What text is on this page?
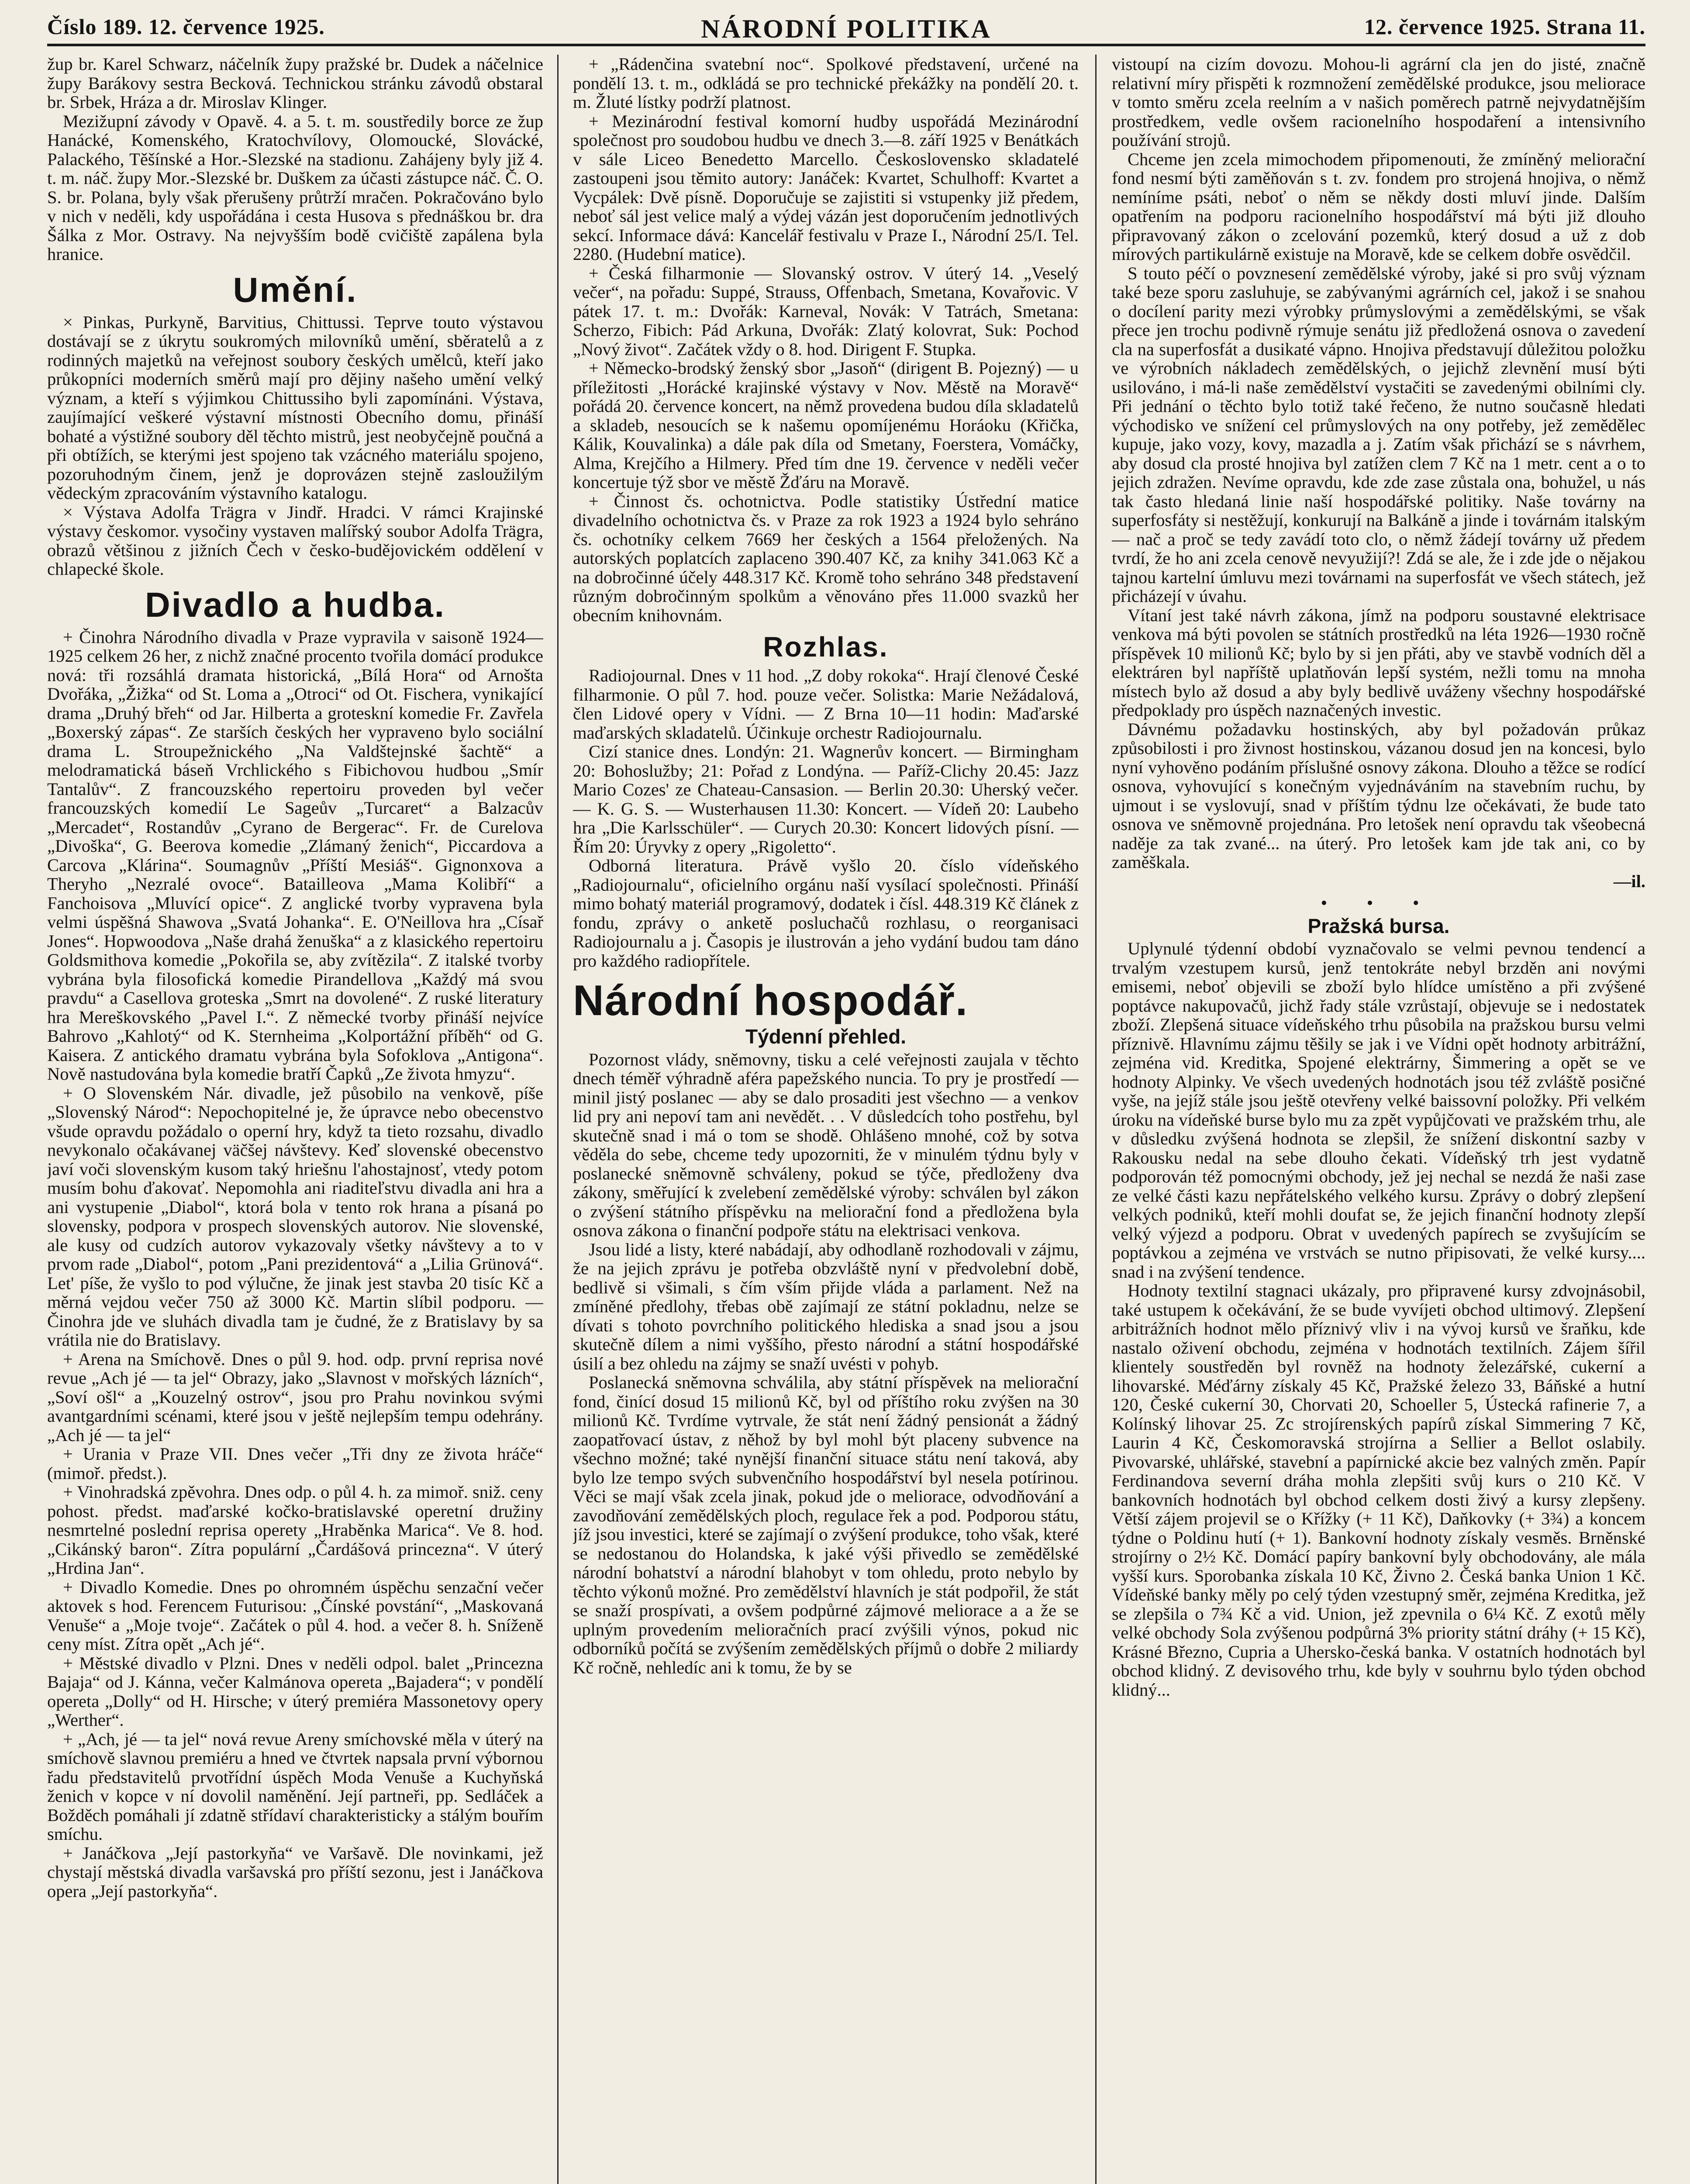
Číslo 189. 12. července 1925.	NÁRODNÍ POLITIKA	12. července 1925. Strana 11.

žup br. Karel Schwarz, náčelník župy pražské br. Dudek a náčelnice župy Barákovy sestra Becková. Technickou stránku závodů obstaral br. Srbek, Hráza a dr. Miroslav Klinger.

Mezižupní závody v Opavě. 4. a 5. t. m. soustředily borce ze žup Hanácké, Komenského, Kratochvílovy, Olomoucké, Slovácké, Palackého, Těšínské a Hor.-Slezské na stadionu. Zahájeny byly již 4. t. m. náč. župy Mor.-Slezské br. Duškem za účasti zástupce náč. Č. O. S. br. Polana, byly však přerušeny průtrží mračen. Pokračováno bylo v nich v neděli, kdy uspořádána i cesta Husova s přednáškou br. dra Šálka z Mor. Ostravy. Na nejvyšším bodě cvičiště zapálena byla hranice.

Umění.

× Pinkas, Purkyně, Barvitius, Chittussi. Teprve touto výstavou dostávají se z úkrytu soukromých milovníků umění, sběratelů a z rodinných majetků na veřejnost soubory českých umělců, kteří jako průkopníci moderních směrů mají pro dějiny našeho umění velký význam, a kteří s výjimkou Chittussiho byli zapomínáni. Výstava, zaujímající veškeré výstavní místnosti Obecního domu, přináší bohaté a výstižné soubory děl těchto mistrů, jest neobyčejně poučná a při obtížích, se kterými jest spojeno tak vzácného materiálu spojeno, pozoruhodným činem, jenž je doprovázen stejně zasloužilým vědeckým zpracováním výstavního katalogu.

× Výstava Adolfa Trägra v Jindř. Hradci. V rámci Krajinské výstavy českomor. vysočiny vystaven malířský soubor Adolfa Trägra, obrazů většinou z jižních Čech v česko-budějovickém oddělení v chlapecké škole.

Divadlo a hudba.

+ Činohra Národního divadla v Praze vypravila v saisoně 1924—1925 celkem 26 her, z nichž značné procento tvořila domácí produkce nová: tři rozsáhlá dramata historická, „Bílá Hora“ od Arnošta Dvořáka, „Žižka“ od St. Loma a „Otroci“ od Ot. Fischera, vynikající drama „Druhý břeh“ od Jar. Hilberta a groteskní komedie Fr. Zavřela „Boxerský zápas“. Ze starších českých her vypraveno bylo sociální drama L. Stroupežnického „Na Valdštejnské šachtě“ a melodramatická báseň Vrchlického s Fibichovou hudbou „Smír Tantalův“. Z francouzského repertoiru proveden byl večer francouzských komedií Le Sageův „Turcaret“ a Balzacův „Mercadet“, Rostandův „Cyrano de Bergerac“. Fr. de Curelova „Divoška“, G. Beerova komedie „Zlámaný ženich“, Piccardova a Carcova „Klárina“. Soumagnův „Příští Mesiáš“. Gignonxova a Theryho „Nezralé ovoce“. Batailleova „Mama Kolibří“ a Fanchoisova „Mluvící opice“. Z anglické tvorby vypravena byla velmi úspěšná Shawova „Svatá Johanka“. E. O'Neillova hra „Císař Jones“. Hopwoodova „Naše drahá ženuška“ a z klasického repertoiru Goldsmithova komedie „Pokořila se, aby zvítězila“. Z italské tvorby vybrána byla filosofická komedie Pirandellova „Každý má svou pravdu“ a Casellova groteska „Smrt na dovolené“. Z ruské literatury hra Mereškovského „Pavel I.“. Z německé tvorby přináší nejvíce Bahrovo „Kahlotý“ od K. Sternheima „Kolportážní příběh“ od G. Kaisera. Z antického dramatu vybrána byla Sofoklova „Antigona“. Nově nastudována byla komedie bratří Čapků „Ze života hmyzu“.

+ O Slovenském Nár. divadle, jež působilo na venkově, píše „Slovenský Národ“: Nepochopitelné je, že úpravce nebo obecenstvo všude opravdu požádalo o operní hry, když ta tieto rozsahu, divadlo nevykonalo očakávanej väčšej návštevy. Keď slovenské obecenstvo javí voči slovenským kusom taký hriešnu l'ahostajnosť, vtedy potom musím bohu ďakovať. Nepomohla ani riaditeľstvu divadla ani hra a ani vystupenie „Diabol“, ktorá bola v tento rok hrana a písaná po slovensky, podpora v prospech slovenských autorov. Nie slovenské, ale kusy od cudzích autorov vykazovaly všetky návštevy a to v prvom rade „Diabol“, potom „Pani prezidentová“ a „Lilia Grünová“. Let' píše, že vyšlo to pod výlučne, že jinak jest stavba 20 tisíc Kč a měrná vejdou večer 750 až 3000 Kč. Martin slíbil podporu. — Činohra jde ve sluhách divadla tam je čudné, že z Bratislavy by sa vrátila nie do Bratislavy.

+ Arena na Smíchově. Dnes o půl 9. hod. odp. první reprisa nové revue „Ach jé — ta jel“ Obrazy, jako „Slavnost v mořských lázních“, „Soví ošl“ a „Kouzelný ostrov“, jsou pro Prahu novinkou svými avantgardními scénami, které jsou v ještě nejlepším tempu odehrány. „Ach jé — ta jel“

+ Urania v Praze VII. Dnes večer „Tři dny ze života hráče“ (mimoř. předst.).

+ Vinohradská zpěvohra. Dnes odp. o půl 4. h. za mimoř. sniž. ceny pohost. předst. maďarské kočko-bratislavské operetní družiny nesmrtelné poslední reprisa operety „Hraběnka Marica“. Ve 8. hod. „Cikánský baron“. Zítra populární „Čardášová princezna“. V úterý „Hrdina Jan“.

+ Divadlo Komedie. Dnes po ohromném úspěchu senzační večer aktovek s hod. Ferencem Futurisou: „Čínské povstání“, „Maskovaná Venuše“ a „Moje tvoje“. Začátek o půl 4. hod. a večer 8. h. Sníženě ceny míst. Zítra opět „Ach jé“.

+ Městské divadlo v Plzni. Dnes v neděli odpol. balet „Princezna Bajaja“ od J. Kánna, večer Kalmánova opereta „Bajadera“; v pondělí opereta „Dolly“ od H. Hirsche; v úterý premiéra Massonetovy opery „Werther“.

+ „Ach, jé — ta jel“ nová revue Areny smíchovské měla v úterý na smíchově slavnou premiéru a hned ve čtvrtek napsala první výbornou řadu představitelů prvotřídní úspěch Moda Venuše a Kuchyňská ženich v kopce v ní dovolil naměnění. Její partneři, pp. Sedláček a Božděch pomáhali jí zdatně střídaví charakteristicky a stálým bouřím smíchu.

+ Janáčkova „Její pastorkyňa“ ve Varšavě. Dle novinkami, jež chystají městská divadla varšavská pro příští sezonu, jest i Janáčkova opera „Její pastorkyňa“.

+ „Rádenčina svatební noc“. Spolkové představení, určené na pondělí 13. t. m., odkládá se pro technické překážky na pondělí 20. t. m. Žluté lístky podrží platnost.

+ Mezinárodní festival komorní hudby uspořádá Mezinárodní společnost pro soudobou hudbu ve dnech 3.—8. září 1925 v Benátkách v sále Liceo Benedetto Marcello. Československo skladatelé zastoupeni jsou těmito autory: Janáček: Kvartet, Schulhoff: Kvartet a Vycpálek: Dvě písně. Doporučuje se zajistiti si vstupenky již předem, neboť sál jest velice malý a výdej vázán jest doporučením jednotlivých sekcí. Informace dává: Kancelář festivalu v Praze I., Národní 25/I. Tel. 2280. (Hudební matice).

+ Česká filharmonie — Slovanský ostrov. V úterý 14. „Veselý večer“, na pořadu: Suppé, Strauss, Offenbach, Smetana, Kovařovic. V pátek 17. t. m.: Dvořák: Karneval, Novák: V Tatrách, Smetana: Scherzo, Fibich: Pád Arkuna, Dvořák: Zlatý kolovrat, Suk: Pochod „Nový život“. Začátek vždy o 8. hod. Dirigent F. Stupka.

+ Německo-brodský ženský sbor „Jasoň“ (dirigent B. Pojezný) — u příležitosti „Horácké krajinské výstavy v Nov. Městě na Moravě“ pořádá 20. července koncert, na němž provedena budou díla skladatelů a skladeb, nesoucích se k našemu opomíjenému Horáoku (Křička, Kálik, Kouvalinka) a dále pak díla od Smetany, Foerstera, Vomáčky, Alma, Krejčího a Hilmery. Před tím dne 19. července v neděli večer koncertuje týž sbor ve městě Žďáru na Moravě.

+ Činnost čs. ochotnictva. Podle statistiky Ústřední matice divadelního ochotnictva čs. v Praze za rok 1923 a 1924 bylo sehráno čs. ochotníky celkem 7669 her českých a 1564 přeložených. Na autorských poplatcích zaplaceno 390.407 Kč, za knihy 341.063 Kč a na dobročinné účely 448.317 Kč. Kromě toho sehráno 348 představení různým dobročinným spolkům a věnováno přes 11.000 svazků her obecním knihovnám.

Rozhlas.

Radiojournal. Dnes v 11 hod. „Z doby rokoka“. Hrají členové České filharmonie. O půl 7. hod. pouze večer. Solistka: Marie Nežádalová, člen Lidové opery v Vídni. — Z Brna 10—11 hodin: Maďarské maďarských skladatelů. Účinkuje orchestr Radiojournalu.

Cizí stanice dnes. Londýn: 21. Wagnerův koncert. — Birmingham 20: Bohoslužby; 21: Pořad z Londýna. — Paříž-Clichy 20.45: Jazz Mario Cozes' ze Chateau-Cansasion. — Berlin 20.30: Uherský večer. — K. G. S. — Wusterhausen 11.30: Koncert. — Vídeň 20: Laubeho hra „Die Karlsschüler“. — Curych 20.30: Koncert lidových písní. — Řím 20: Úryvky z opery „Rigoletto“.

Odborná literatura. Právě vyšlo 20. číslo vídeňského „Radiojournalu“, oficielního orgánu naší vysílací společnosti. Přináší mimo bohatý materiál programový, dodatek i čísl. 448.319 Kč článek z fondu, zprávy o anketě posluchačů rozhlasu, o reorganisaci Radiojournalu a j. Časopis je ilustrován a jeho vydání budou tam dáno pro každého radiopřítele.

Národní hospodář.
Týdenní přehled.

Pozornost vlády, sněmovny, tisku a celé veřejnosti zaujala v těchto dnech téměř výhradně aféra papežského nuncia. To pry je prostředí — minil jistý poslanec — aby se dalo prosaditi jest všechno — a venkov lid pry ani nepoví tam ani nevědět. . . V důsledcích toho postřehu, byl skutečně snad i má o tom se shodě. Ohlášeno mnohé, což by sotva věděla do sebe, chceme tedy upozorniti, že v minulém týdnu byly v poslanecké sněmovně schváleny, pokud se týče, předloženy dva zákony, směřující k zvelebení zemědělské výroby: schválen byl zákon o zvýšení státního příspěvku na meliorační fond a předložena byla osnova zákona o finanční podpoře státu na elektrisaci venkova.

Jsou lidé a listy, které nabádají, aby odhodlaně rozhodovali v zájmu, že na jejich zprávu je potřeba obzvláště nyní v předvolební době, bedlivě si všimali, s čím vším přijde vláda a parlament. Než na zmíněné předlohy, třebas obě zajímají ze státní pokladnu, nelze se dívati s tohoto povrchního politického hlediska a snad jsou a jsou skutečně dílem a nimi vyššího, přesto národní a státní hospodářské úsilí a bez ohledu na zájmy se snaží uvésti v pohyb.

Poslanecká sněmovna schválila, aby státní příspěvek na meliorační fond, činící dosud 15 milionů Kč, byl od příštího roku zvýšen na 30 milionů Kč. Tvrdíme vytrvale, že stát není žádný pensionát a žádný zaopatřovací ústav, z něhož by byl mohl být placeny subvence na všechno možné; také nynější finanční situace státu není taková, aby bylo lze tempo svých subvenčního hospodářství byl nesela potírinou. Věci se mají však zcela jinak, pokud jde o meliorace, odvodňování a zavodňování zemědělských ploch, regulace řek a pod. Podporou státu, jíž jsou investici, které se zajímají o zvýšení produkce, toho však, které se nedostanou do Holandska, k jaké výši přivedlo se zemědělské národní bohatství a národní blahobyt v tom ohledu, proto nebylo by těchto výkonů možné. Pro zemědělství hlavních je stát podpořil, že stát se snaží prospívati, a ovšem podpůrné zájmové meliorace a a že se uplným provedením melioračních prací zvýšili výnos, pokud nic odborníků počítá se zvýšením zemědělských příjmů o dobře 2 miliardy Kč ročně, nehledíc ani k tomu, že by se

vistoupí na cizím dovozu. Mohou-li agrární cla jen do jisté, značně relativní míry přispěti k rozmnožení zemědělské produkce, jsou meliorace v tomto směru zcela reelním a v našich poměrech patrně nejvydatnějším prostředkem, vedle ovšem racionelního hospodaření a intensivního používání strojů.

Chceme jen zcela mimochodem připomenouti, že zmíněný meliorační fond nesmí býti zaměňován s t. zv. fondem pro strojená hnojiva, o němž nemíníme psáti, neboť o něm se někdy dosti mluví jinde. Dalším opatřením na podporu racionelního hospodářství má býti již dlouho připravovaný zákon o zcelování pozemků, který dosud a už z dob mírových partikulárně existuje na Moravě, kde se celkem dobře osvědčil.

S touto péčí o povznesení zemědělské výroby, jaké si pro svůj význam také beze sporu zasluhuje, se zabývanými agrárních cel, jakož i se snahou o docílení parity mezi výrobky průmyslovými a zemědělskými, se však přece jen trochu podivně rýmuje senátu již předložená osnova o zavedení cla na superfosfát a dusikaté vápno. Hnojiva představují důležitou položku ve výrobních nákladech zemědělských, o jejichž zlevnění musí býti usilováno, i má-li naše zemědělství vystačiti se zavedenými obilními cly. Při jednání o těchto bylo totiž také řečeno, že nutno současně hledati východisko ve snížení cel průmyslových na ony potřeby, jež zemědělec kupuje, jako vozy, kovy, mazadla a j. Zatím však přichází se s návrhem, aby dosud cla prosté hnojiva byl zatížen clem 7 Kč na 1 metr. cent a o to jejich zdražen. Nevíme opravdu, kde zde zase zůstala ona, bohužel, u nás tak často hledaná linie naší hospodářské politiky. Naše továrny na superfosfáty si nestěžují, konkurují na Balkáně a jinde i továrnám italským — nač a proč se tedy zavádí toto clo, o němž žádejí továrny už předem tvrdí, že ho ani zcela cenově nevyužijí?! Zdá se ale, že i zde jde o nějakou tajnou kartelní úmluvu mezi továrnami na superfosfát ve všech státech, jež přicházejí v úvahu.

Vítaní jest také návrh zákona, jímž na podporu soustavné elektrisace venkova má býti povolen se státních prostředků na léta 1926—1930 ročně příspěvek 10 milionů Kč; bylo by si jen přáti, aby ve stavbě vodních děl a elektráren byl napříště uplatňován lepší systém, nežli tomu na mnoha místech bylo až dosud a aby byly bedlivě uváženy všechny hospodářské předpoklady pro úspěch naznačených investic.

Dávnému požadavku hostinských, aby byl požadován průkaz způsobilosti i pro živnost hostinskou, vázanou dosud jen na koncesi, bylo nyní vyhověno podáním příslušné osnovy zákona. Dlouho a těžce se rodící osnova, vyhovující s konečným vyjednáváním na stavebním ruchu, by ujmout i se vyslovují, snad v příštím týdnu lze očekávati, že bude tato osnova ve sněmovně projednána. Pro letošek není opravdu tak všeobecná naděje za tak zvané... na úterý. Pro letošek kam jde tak ani, co by zaměškala.

—il.

• • •
Pražská bursa.

Uplynulé týdenní období vyznačovalo se velmi pevnou tendencí a trvalým vzestupem kursů, jenž tentokráte nebyl brzděn ani novými emisemi, neboť objevili se zboží bylo hlídce umístěno a při zvýšené poptávce nakupovačů, jichž řady stále vzrůstají, objevuje se i nedostatek zboží. Zlepšená situace vídeňského trhu působila na pražskou bursu velmi příznivě. Hlavnímu zájmu těšily se jak i ve Vídni opět hodnoty arbitrážní, zejména vid. Kreditka, Spojené elektrárny, Šimmering a opět se ve hodnoty Alpinky. Ve všech uvedených hodnotách jsou též zvláště posičné vyše, na jejíž stále jsou ještě otevřeny velké baissovní položky. Při velkém úroku na vídeňské burse bylo mu za zpět vypůjčovati ve pražském trhu, ale v důsledku zvýšená hodnota se zlepšil, že snížení diskontní sazby v Rakousku nedal na sebe dlouho čekati. Vídeňský trh jest vydatně podporován též pomocnými obchody, jež jej nechal se nezdá že naši zase ze velké části kazu nepřátelského velkého kursu. Zprávy o dobrý zlepšení velkých podniků, kteří mohli doufat se, že jejich finanční hodnoty zlepší velký výjezd a podporu. Obrat v uvedených papírech se zvyšujícím se poptávkou a zejména ve vrstvách se nutno připisovati, že velké kursy.... snad i na zvýšení tendence.

Hodnoty textilní stagnaci ukázaly, pro připravené kursy zdvojnásobil, také ustupem k očekávání, že se bude vyvíjeti obchod ultimový. Zlepšení arbitrážních hodnot mělo příznivý vliv i na vývoj kursů ve šraňku, kde nastalo oživení obchodu, zejména v hodnotách textilních. Zájem šířil klientely soustředěn byl rovněž na hodnoty železářské, cukerní a lihovarské. Méďárny získaly 45 Kč, Pražské železo 33, Báňské a hutní 120, České cukerní 30, Chorvati 20, Schoeller 5, Ústecká rafinerie 7, a Kolínský lihovar 25. Zc strojírenských papírů získal Simmering 7 Kč, Laurin 4 Kč, Českomoravská strojírna a Sellier a Bellot oslabily. Pivovarské, uhlářské, stavební a papírnické akcie bez valných změn. Papír Ferdinandova severní dráha mohla zlepšiti svůj kurs o 210 Kč. V bankovních hodnotách byl obchod celkem dosti živý a kursy zlepšeny. Větší zájem projevil se o Křížky (+ 11 Kč), Daňkovky (+ 3¾) a koncem týdne o Poldinu hutí (+ 1). Bankovní hodnoty získaly vesměs. Brněnské strojírny o 2½ Kč. Domácí papíry bankovní byly obchodovány, ale mála vyšší kurs. Sporobanka získala 10 Kč, Živno 2. Česká banka Union 1 Kč. Vídeňské banky měly po celý týden vzestupný směr, zejména Kreditka, jež se zlepšila o 7¾ Kč a vid. Union, jež zpevnila o 6¼ Kč. Z exotů měly velké obchody Sola zvýšenou podpůrná 3% priority státní dráhy (+ 15 Kč), Krásné Březno, Cupria a Uhersko-česká banka. V ostatních hodnotách byl obchod klidný. Z devisového trhu, kde byly v souhrnu bylo týden obchod klidný...
